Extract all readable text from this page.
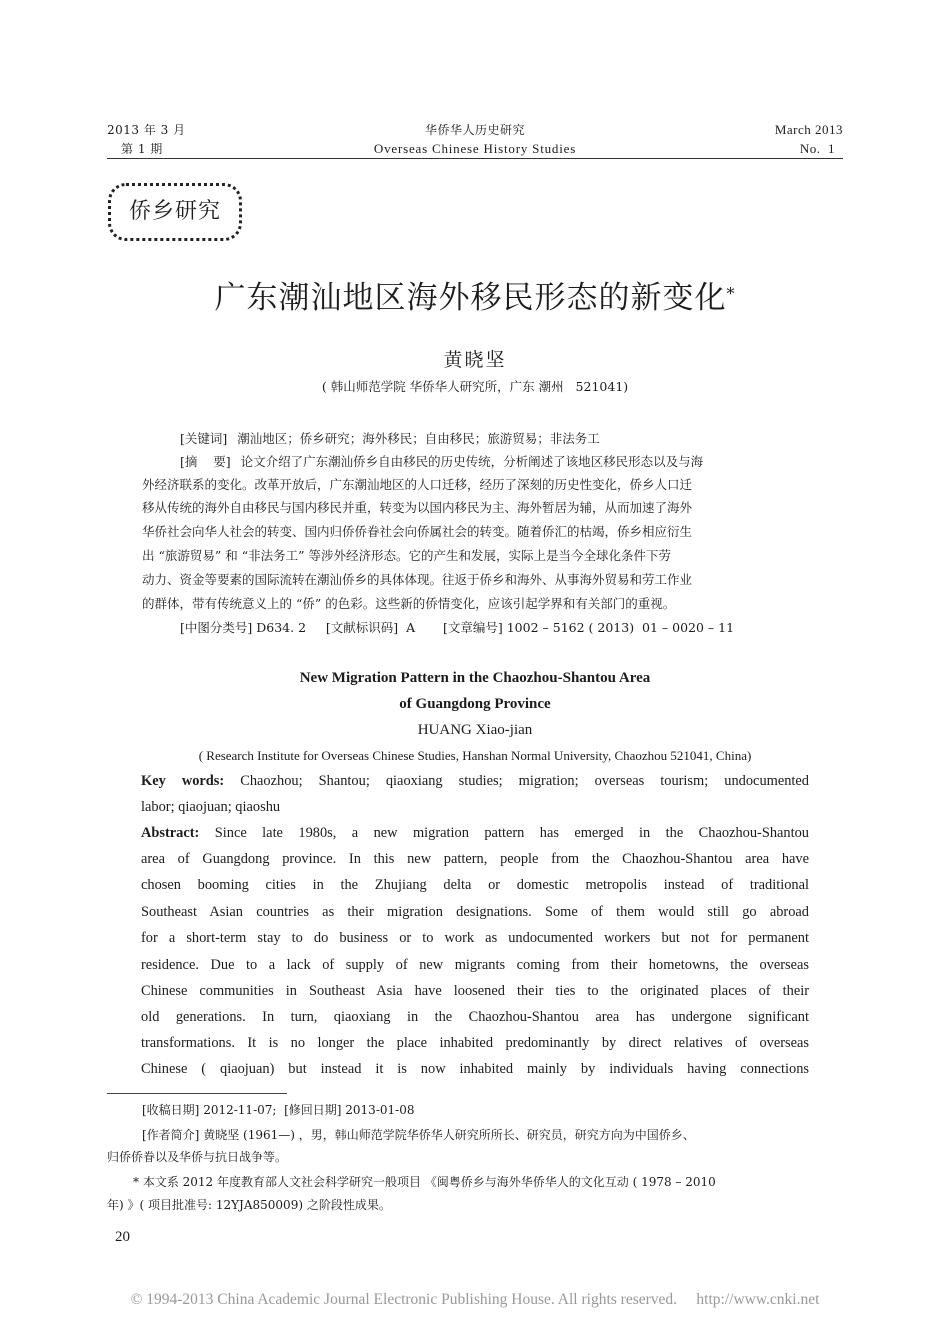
2013 年 3 月
第 1 期
华侨华人历史研究
Overseas Chinese History Studies
March 2013
No.  1
侨乡研究
广东潮汕地区海外移民形态的新变化*
黄晓坚
( 韩山师范学院 华侨华人研究所，广东 潮州   521041)
[关键词] 潮汕地区；侨乡研究；海外移民；自由移民；旅游贸易；非法务工
[摘    要] 论文介绍了广东潮汕侨乡自由移民的历史传统，分析阐述了该地区移民形态以及与海
外经济联系的变化。改革开放后，广东潮汕地区的人口迁移，经历了深刻的历史性变化，侨乡人口迁
移从传统的海外自由移民与国内移民并重，转变为以国内移民为主、海外暂居为辅，从而加速了海外
华侨社会向华人社会的转变、国内归侨侨眷社会向侨属社会的转变。随着侨汇的枯竭，侨乡相应衍生
出 “旅游贸易” 和 “非法务工” 等涉外经济形态。它的产生和发展，实际上是当今全球化条件下劳
动力、资金等要素的国际流转在潮汕侨乡的具体体现。往返于侨乡和海外、从事海外贸易和劳工作业
的群体，带有传统意义上的 “侨” 的色彩。这些新的侨情变化，应该引起学界和有关部门的重视。
[中图分类号] D634. 2 [文献标识码] A [文章编号] 1002 – 5162 ( 2013)  01 – 0020 – 11
New Migration Pattern in the Chaozhou-Shantou Area
of Guangdong Province
HUANG Xiao-jian
( Research Institute for Overseas Chinese Studies, Hanshan Normal University, Chaozhou 521041, China)
Key words: Chaozhou; Shantou; qiaoxiang studies; migration; overseas tourism; undocumented
labor; qiaojuan; qiaoshu
Abstract: Since late 1980s, a new migration pattern has emerged in the Chaozhou-Shantou
area of Guangdong province. In this new pattern, people from the Chaozhou-Shantou area have
chosen booming cities in the Zhujiang delta or domestic metropolis instead of traditional
Southeast Asian countries as their migration designations. Some of them would still go abroad
for a short-term stay to do business or to work as undocumented workers but not for permanent
residence. Due to a lack of supply of new migrants coming from their hometowns, the overseas
Chinese communities in Southeast Asia have loosened their ties to the originated places of their
old generations. In turn, qiaoxiang in the Chaozhou-Shantou area has undergone significant
transformations. It is no longer the place inhabited predominantly by direct relatives of overseas
Chinese ( qiaojuan) but instead it is now inhabited mainly by individuals having connections
[收稿日期] 2012-11-07; [修回日期] 2013-01-08
[作者简介] 黄晓坚 (1961—) ，男，韩山师范学院华侨华人研究所所长、研究员，研究方向为中国侨乡、
归侨侨眷以及华侨与抗日战争等。
* 本文系 2012 年度教育部人文社会科学研究一般项目 《闽粤侨乡与海外华侨华人的文化互动 ( 1978 – 2010
年) 》( 项目批准号: 12YJA850009) 之阶段性成果。
20
© 1994-2013 China Academic Journal Electronic Publishing House. All rights reserved.     http://www.cnki.net
